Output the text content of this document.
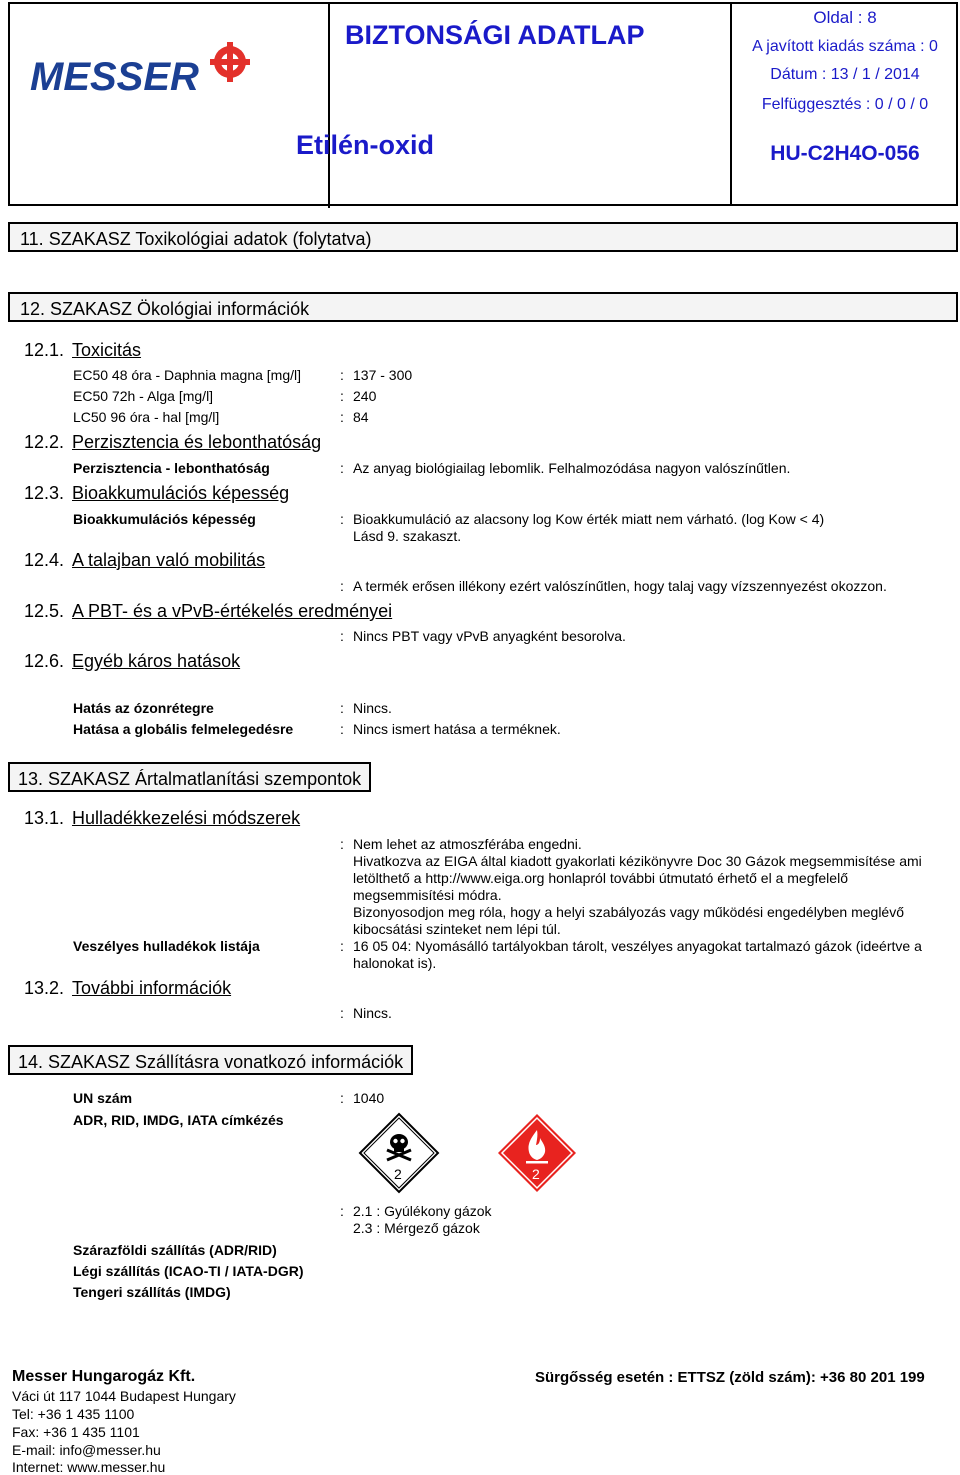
MESSER
BIZTONSÁGI ADATLAP
Etilén-oxid
Oldal : 8
A javított kiadás száma : 0
Dátum : 13 / 1 / 2014
Felfüggesztés : 0 / 0 / 0
HU-C2H4O-056
11. SZAKASZ Toxikológiai adatok (folytatva)
12. SZAKASZ Ökológiai információk
12.1. Toxicitás
EC50 48 óra - Daphnia magna [mg/l]	: 137 - 300
EC50 72h - Alga [mg/l]	: 240
LC50 96 óra - hal [mg/l]	: 84
12.2. Perzisztencia és lebonthatóság
Perzisztencia - lebonthatóság	: Az anyag biológiailag lebomlik. Felhalmozódása nagyon valószínűtlen.
12.3. Bioakkumulációs képesség
Bioakkumulációs képesség	: Bioakkumuláció az alacsony log Kow érték miatt nem várható. (log Kow < 4)
Lásd 9. szakaszt.
12.4. A talajban való mobilitás
: A termék erősen illékony ezért valószínűtlen, hogy talaj vagy vízszennyezést okozzon.
12.5. A PBT- és a vPvB-értékelés eredményei
: Nincs PBT vagy vPvB anyagként besorolva.
12.6. Egyéb káros hatások
Hatás az ózonrétegre	: Nincs.
Hatása a globális felmelegedésre	: Nincs ismert hatása a terméknek.
13. SZAKASZ Ártalmatlanítási szempontok
13.1. Hulladékkezelési módszerek
: Nem lehet az atmoszférába engedni.
Hivatkozva az EIGA által kiadott gyakorlati kézikönyvre Doc 30 Gázok megsemmisítése ami
letölthető a http://www.eiga.org honlapról további útmutató érhető el a megfelelő
megsemmisítési módra.
Bizonyosodjon meg róla, hogy a helyi szabályozás vagy működési engedélyben meglévő
kibocsátási szinteket nem lépi túl.
Veszélyes hulladékok listája	: 16 05 04: Nyomásálló tartályokban tárolt, veszélyes anyagokat tartalmazó gázok (ideértve a
halonokat is).
13.2. További információk
: Nincs.
14. SZAKASZ Szállításra vonatkozó információk
UN szám	: 1040
ADR, RID, IMDG, IATA címkézés
2	2
: 2.1 : Gyúlékony gázok
2.3 : Mérgező gázok
Szárazföldi szállítás (ADR/RID)
Légi szállítás (ICAO-TI / IATA-DGR)
Tengeri szállítás (IMDG)
Messer Hungarogáz Kft.
Váci út 117 1044 Budapest Hungary
Tel: +36 1 435 1100
Fax: +36 1 435 1101
E-mail: info@messer.hu
Internet: www.messer.hu
Sürgősség esetén : ETTSZ (zöld szám): +36 80 201 199
